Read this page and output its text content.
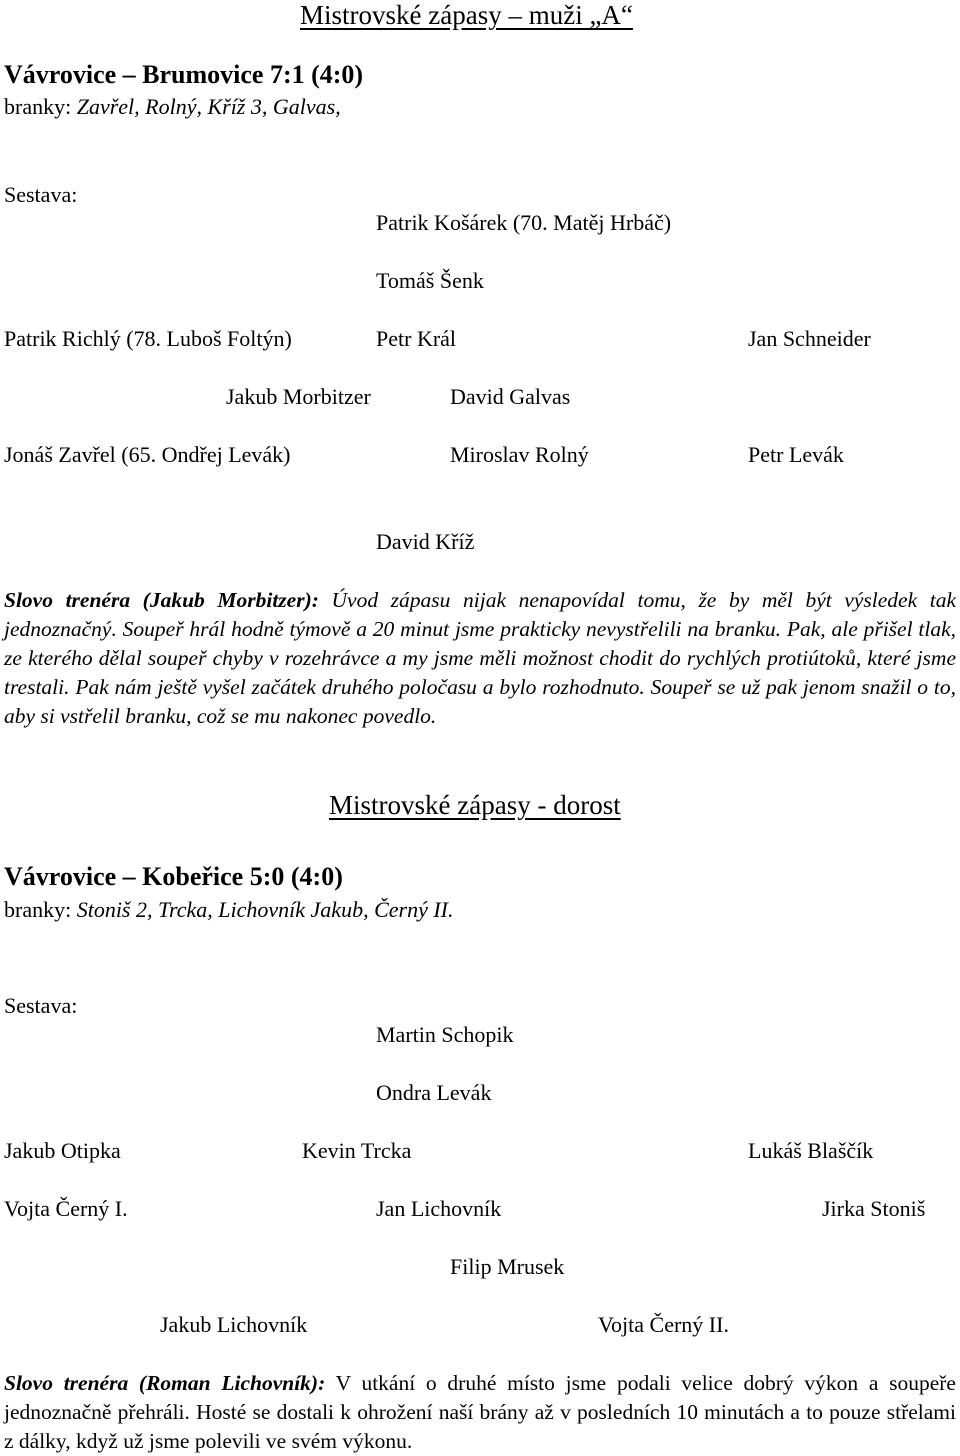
Mistrovské zápasy – muži „A“
Vávrovice – Brumovice 7:1 (4:0)
branky: Zavřel, Rolný, Kříž 3, Galvas,
Sestava:
Patrik Košárek (70. Matěj Hrbáč)
Tomáš Šenk
Patrik Richlý (78. Luboš Foltýn)	Petr Král	Jan Schneider
Jakub Morbitzer	David Galvas
Jonáš Zavřel (65. Ondřej Levák)	Miroslav Rolný	Petr Levák
David Kříž
Slovo trenéra (Jakub Morbitzer): Úvod zápasu nijak nenapovídal tomu, že by měl být výsledek tak jednoznačný. Soupeř hrál hodně týmově a 20 minut jsme prakticky nevystřelili na branku. Pak, ale přišel tlak, ze kterého dělal soupeř chyby v rozehrávce a my jsme měli možnost chodit do rychlých protiútoků, které jsme trestali. Pak nám ještě vyšel začátek druhého poločasu a bylo rozhodnuto. Soupeř se už pak jenom snažil o to, aby si vstřelil branku, což se mu nakonec povedlo.
Mistrovské zápasy - dorost
Vávrovice – Kobeřice 5:0 (4:0)
branky: Stoniš 2, Trcka, Lichovník Jakub, Černý II.
Sestava:
Martin Schopik
Ondra Levák
Jakub Otipka	Kevin Trcka	Lukáš Blaščík
Vojta Černý I.	Jan Lichovník	Jirka Stoniš
Filip Mrusek
Jakub Lichovník	Vojta Černý II.
Slovo trenéra (Roman Lichovník): V utkání o druhé místo jsme podali velice dobrý výkon a soupeře jednoznačně přehráli. Hosté se dostali k ohrožení naší brány až v posledních 10 minutách a to pouze střelami z dálky, když už jsme polevili ve svém výkonu.
